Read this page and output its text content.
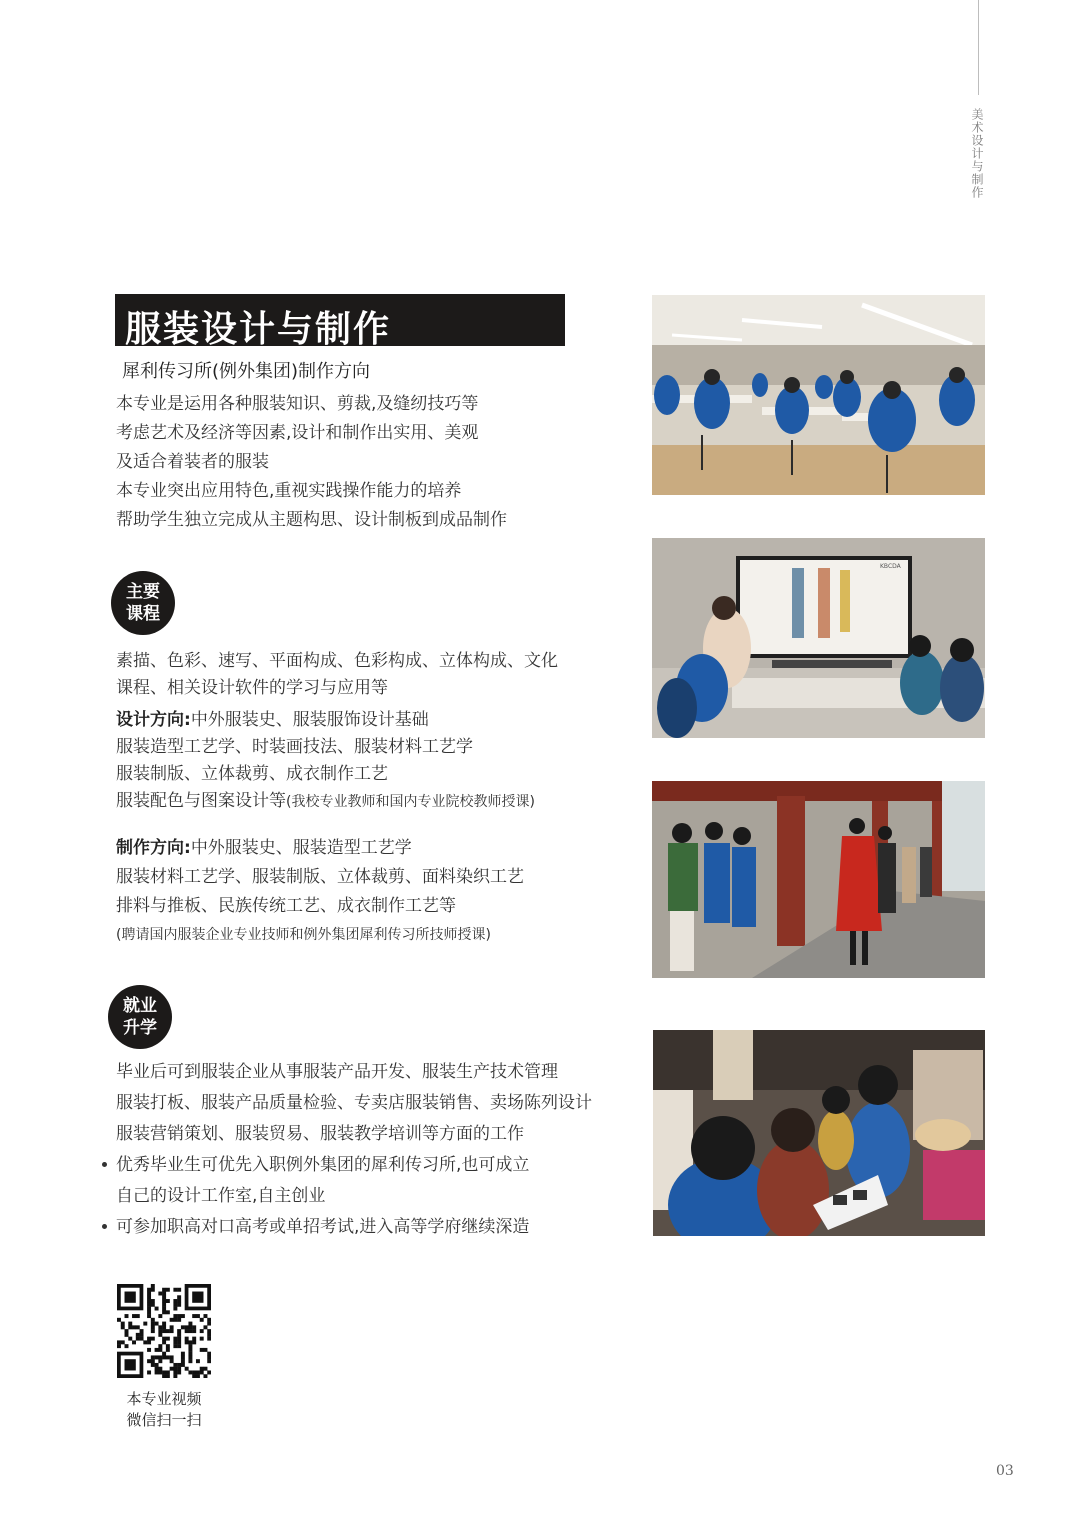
美术设计与制作
服装设计与制作
犀利传习所(例外集团)制作方向
本专业是运用各种服装知识、剪裁,及缝纫技巧等
考虑艺术及经济等因素,设计和制作出实用、美观
及适合着装者的服装
本专业突出应用特色,重视实践操作能力的培养
帮助学生独立完成从主题构思、设计制板到成品制作
主要
课程
素描、色彩、速写、平面构成、色彩构成、立体构成、文化
课程、相关设计软件的学习与应用等
设计方向:中外服装史、服装服饰设计基础
服装造型工艺学、时装画技法、服装材料工艺学
服装制版、立体裁剪、成衣制作工艺
服装配色与图案设计等(我校专业教师和国内专业院校教师授课)
制作方向:中外服装史、服装造型工艺学
服装材料工艺学、服装制版、立体裁剪、面料染织工艺
排料与推板、民族传统工艺、成衣制作工艺等
(聘请国内服装企业专业技师和例外集团犀利传习所技师授课)
就业
升学
毕业后可到服装企业从事服装产品开发、服装生产技术管理
服装打板、服装产品质量检验、专卖店服装销售、卖场陈列设计
服装营销策划、服装贸易、服装教学培训等方面的工作
优秀毕业生可优先入职例外集团的犀利传习所,也可成立
自己的设计工作室,自主创业
可参加职高对口高考或单招考试,进入高等学府继续深造
KBCDA
本专业视频
微信扫一扫
03
